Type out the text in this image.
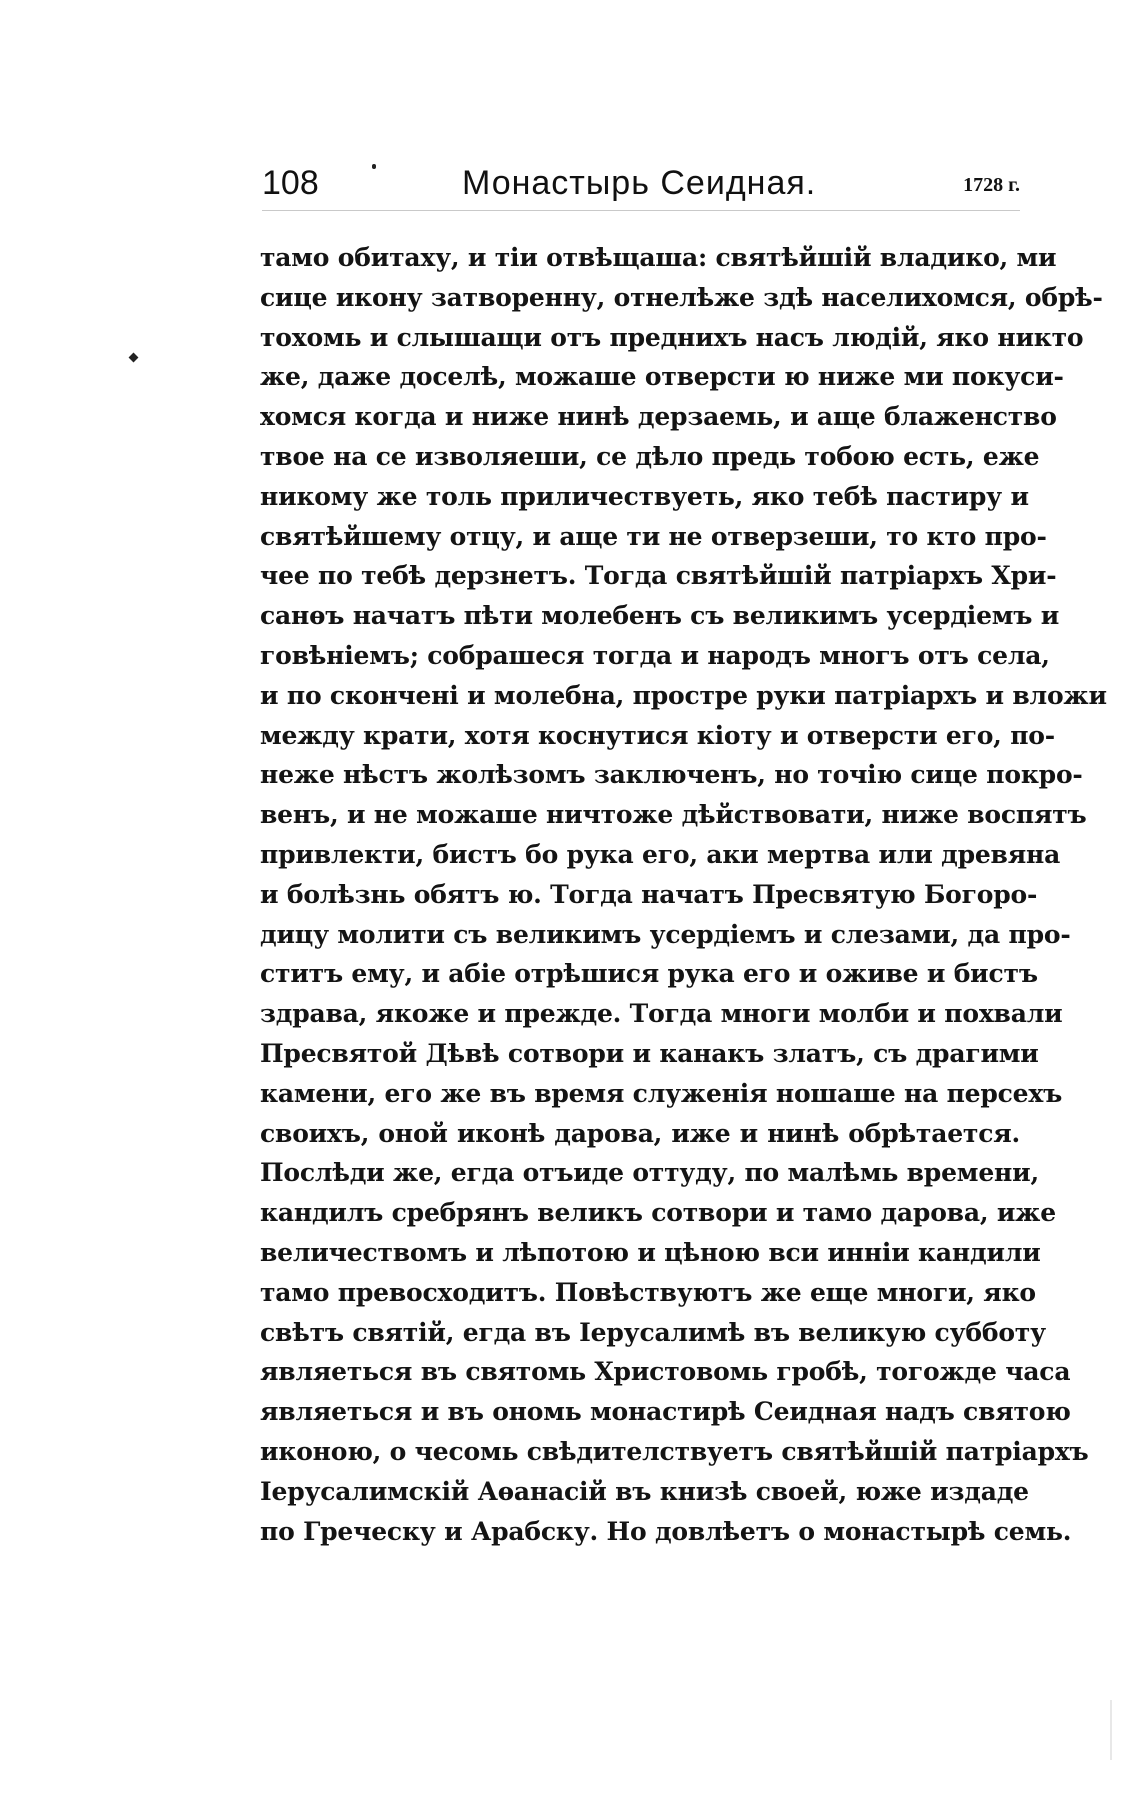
108	Монастырь Сеидная.	1728 г.
тамо обитаху, и тіи отвѣщаша: святѣйшій владико, ми
сице икону затворенну, отнелѣже здѣ населихомся, обрѣ-
тохомь и слышащи отъ предниxъ насъ людій, яко никто
же, даже доселѣ, можаше отверсти ю ниже ми покуси-
хомся когда и ниже нинѣ дерзаемь, и аще блаженство
твое на се изволяеши, се дѣло предь тобою есть, еже
никому же толь приличествуеть, яко тебѣ пастиру и
святѣйшему отцу, и аще ти не отверзеши, то кто про-
чее по тебѣ дерзнетъ. Тогда святѣйшій патріархъ Хри-
санѳъ начатъ пѣти молебенъ съ великимъ усердіемъ и
говѣніемъ; собрашеся тогда и народъ многъ отъ села,
и по скончені и молебна, простре руки патріархъ и вложи
между крати, хотя коснутися кіоту и отверсти его, по-
неже нѣстъ жолѣзомъ заключенъ, но точію сице покро-
венъ, и не можаше ничтоже дѣйствовати, ниже воспятъ
привлекти, бистъ бо рука его, аки мертва или древяна
и болѣзнь обятъ ю. Тогда начатъ Пресвятую Богоро-
дицу молити съ великимъ усердіемъ и слезами, да про-
ститъ ему, и абіе отрѣшися рука его и оживе и бистъ
здрава, якоже и прежде. Тогда многи молби и похвали
Пресвятой Дѣвѣ сотвори и канакъ златъ, съ драгими
камени, его же въ время служенія ношаше на персехъ
своихъ, оной иконѣ дарова, иже и нинѣ обрѣтается.
Послѣди же, егда отъиде оттуду, по малѣмь времени,
кандилъ сребрянъ великъ сотвори и тамо дарова, иже
величествомъ и лѣпотою и цѣною вси инніи кандили
тамо превосходитъ. Повѣствуютъ же еще многи, яко
свѣтъ святій, егда въ Іерусалимѣ въ великую субботу
являеться въ святомь Христовомь гробѣ, тогожде часа
являеться и въ ономь монастирѣ Сеидная надъ святою
иконою, о чесомь свѣдителствуетъ святѣйшій патріархъ
Іерусалимскій Аѳанасій въ книзѣ своей, юже издаде
по Греческу и Арабску. Но довлѣетъ о монастырѣ семь.
